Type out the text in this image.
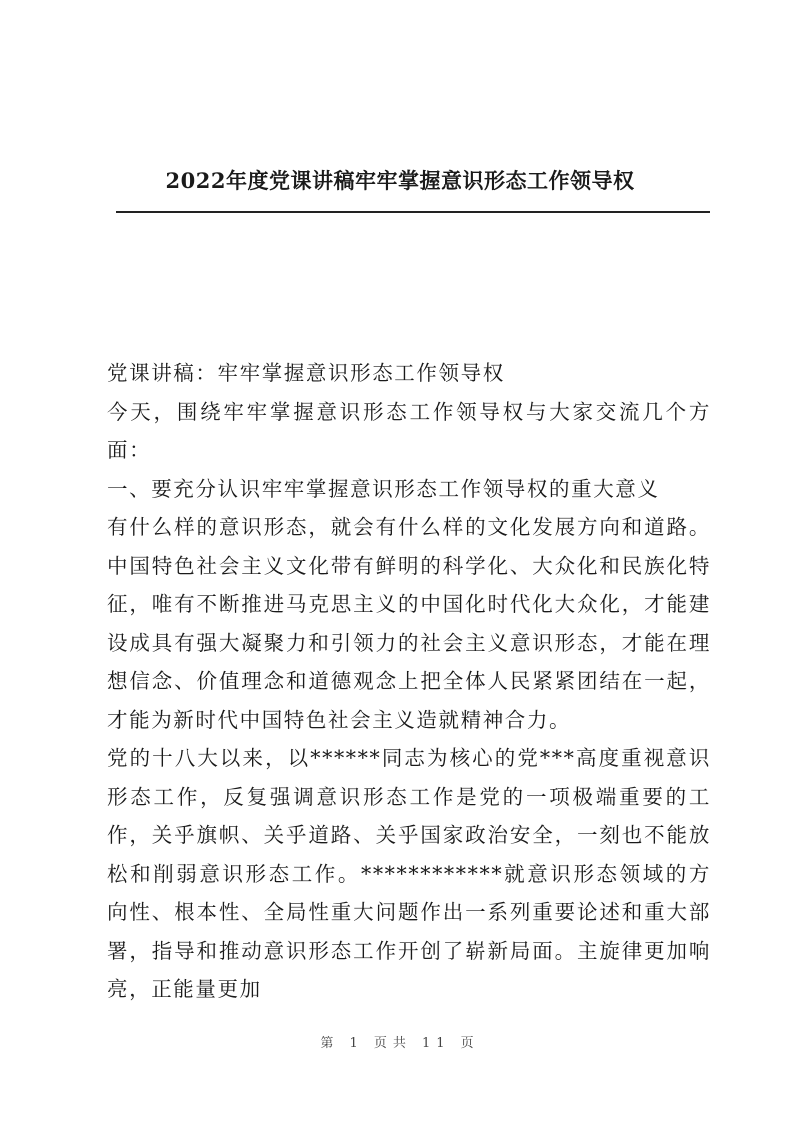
2022年度党课讲稿牢牢掌握意识形态工作领导权

党课讲稿：牢牢掌握意识形态工作领导权

今天，围绕牢牢掌握意识形态工作领导权与大家交流几个方面：

一、要充分认识牢牢掌握意识形态工作领导权的重大意义

有什么样的意识形态，就会有什么样的文化发展方向和道路。中国特色社会主义文化带有鲜明的科学化、大众化和民族化特征，唯有不断推进马克思主义的中国化时代化大众化，才能建设成具有强大凝聚力和引领力的社会主义意识形态，才能在理想信念、价值理念和道德观念上把全体人民紧紧团结在一起，才能为新时代中国特色社会主义造就精神合力。

党的十八大以来，以******同志为核心的党***高度重视意识形态工作，反复强调意识形态工作是党的一项极端重要的工作，关乎旗帜、关乎道路、关乎国家政治安全，一刻也不能放松和削弱意识形态工作。************就意识形态领域的方向性、根本性、全局性重大问题作出一系列重要论述和重大部署，指导和推动意识形态工作开创了崭新局面。主旋律更加响亮，正能量更加

第 1 页共 11 页
